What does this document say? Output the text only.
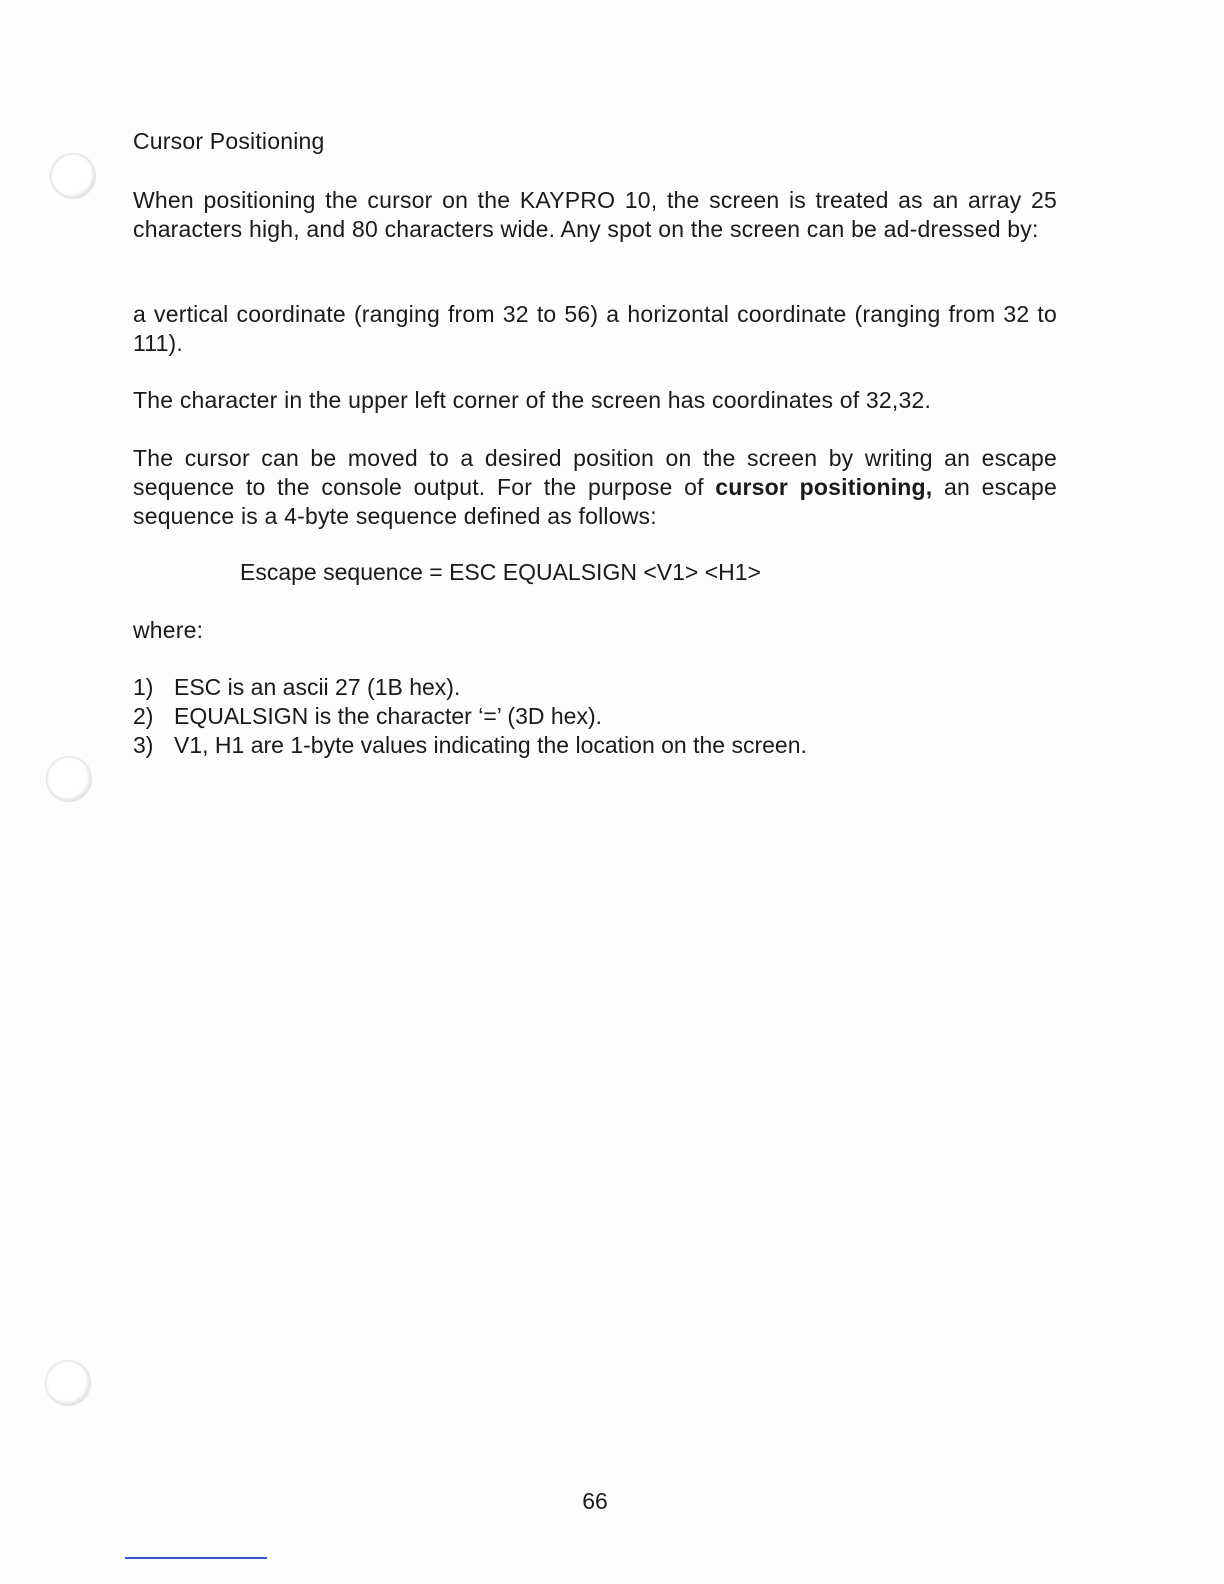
Cursor Positioning
When positioning the cursor on the KAYPRO 10, the screen is treated as an array 25 characters high, and 80 characters wide. Any spot on the screen can be ad-dressed by:
a vertical coordinate (ranging from 32 to 56) a horizontal coordinate (ranging from 32 to 111).
The character in the upper left corner of the screen has coordinates of 32,32.
The cursor can be moved to a desired position on the screen by writing an escape sequence to the console output. For the purpose of cursor positioning, an escape sequence is a 4-byte sequence defined as follows:
Escape sequence = ESC EQUALSIGN <V1> <H1>
where:
1) ESC is an ascii 27 (1B hex).
2) EQUALSIGN is the character ‘=’ (3D hex).
3) V1, H1 are 1-byte values indicating the location on the screen.
66
